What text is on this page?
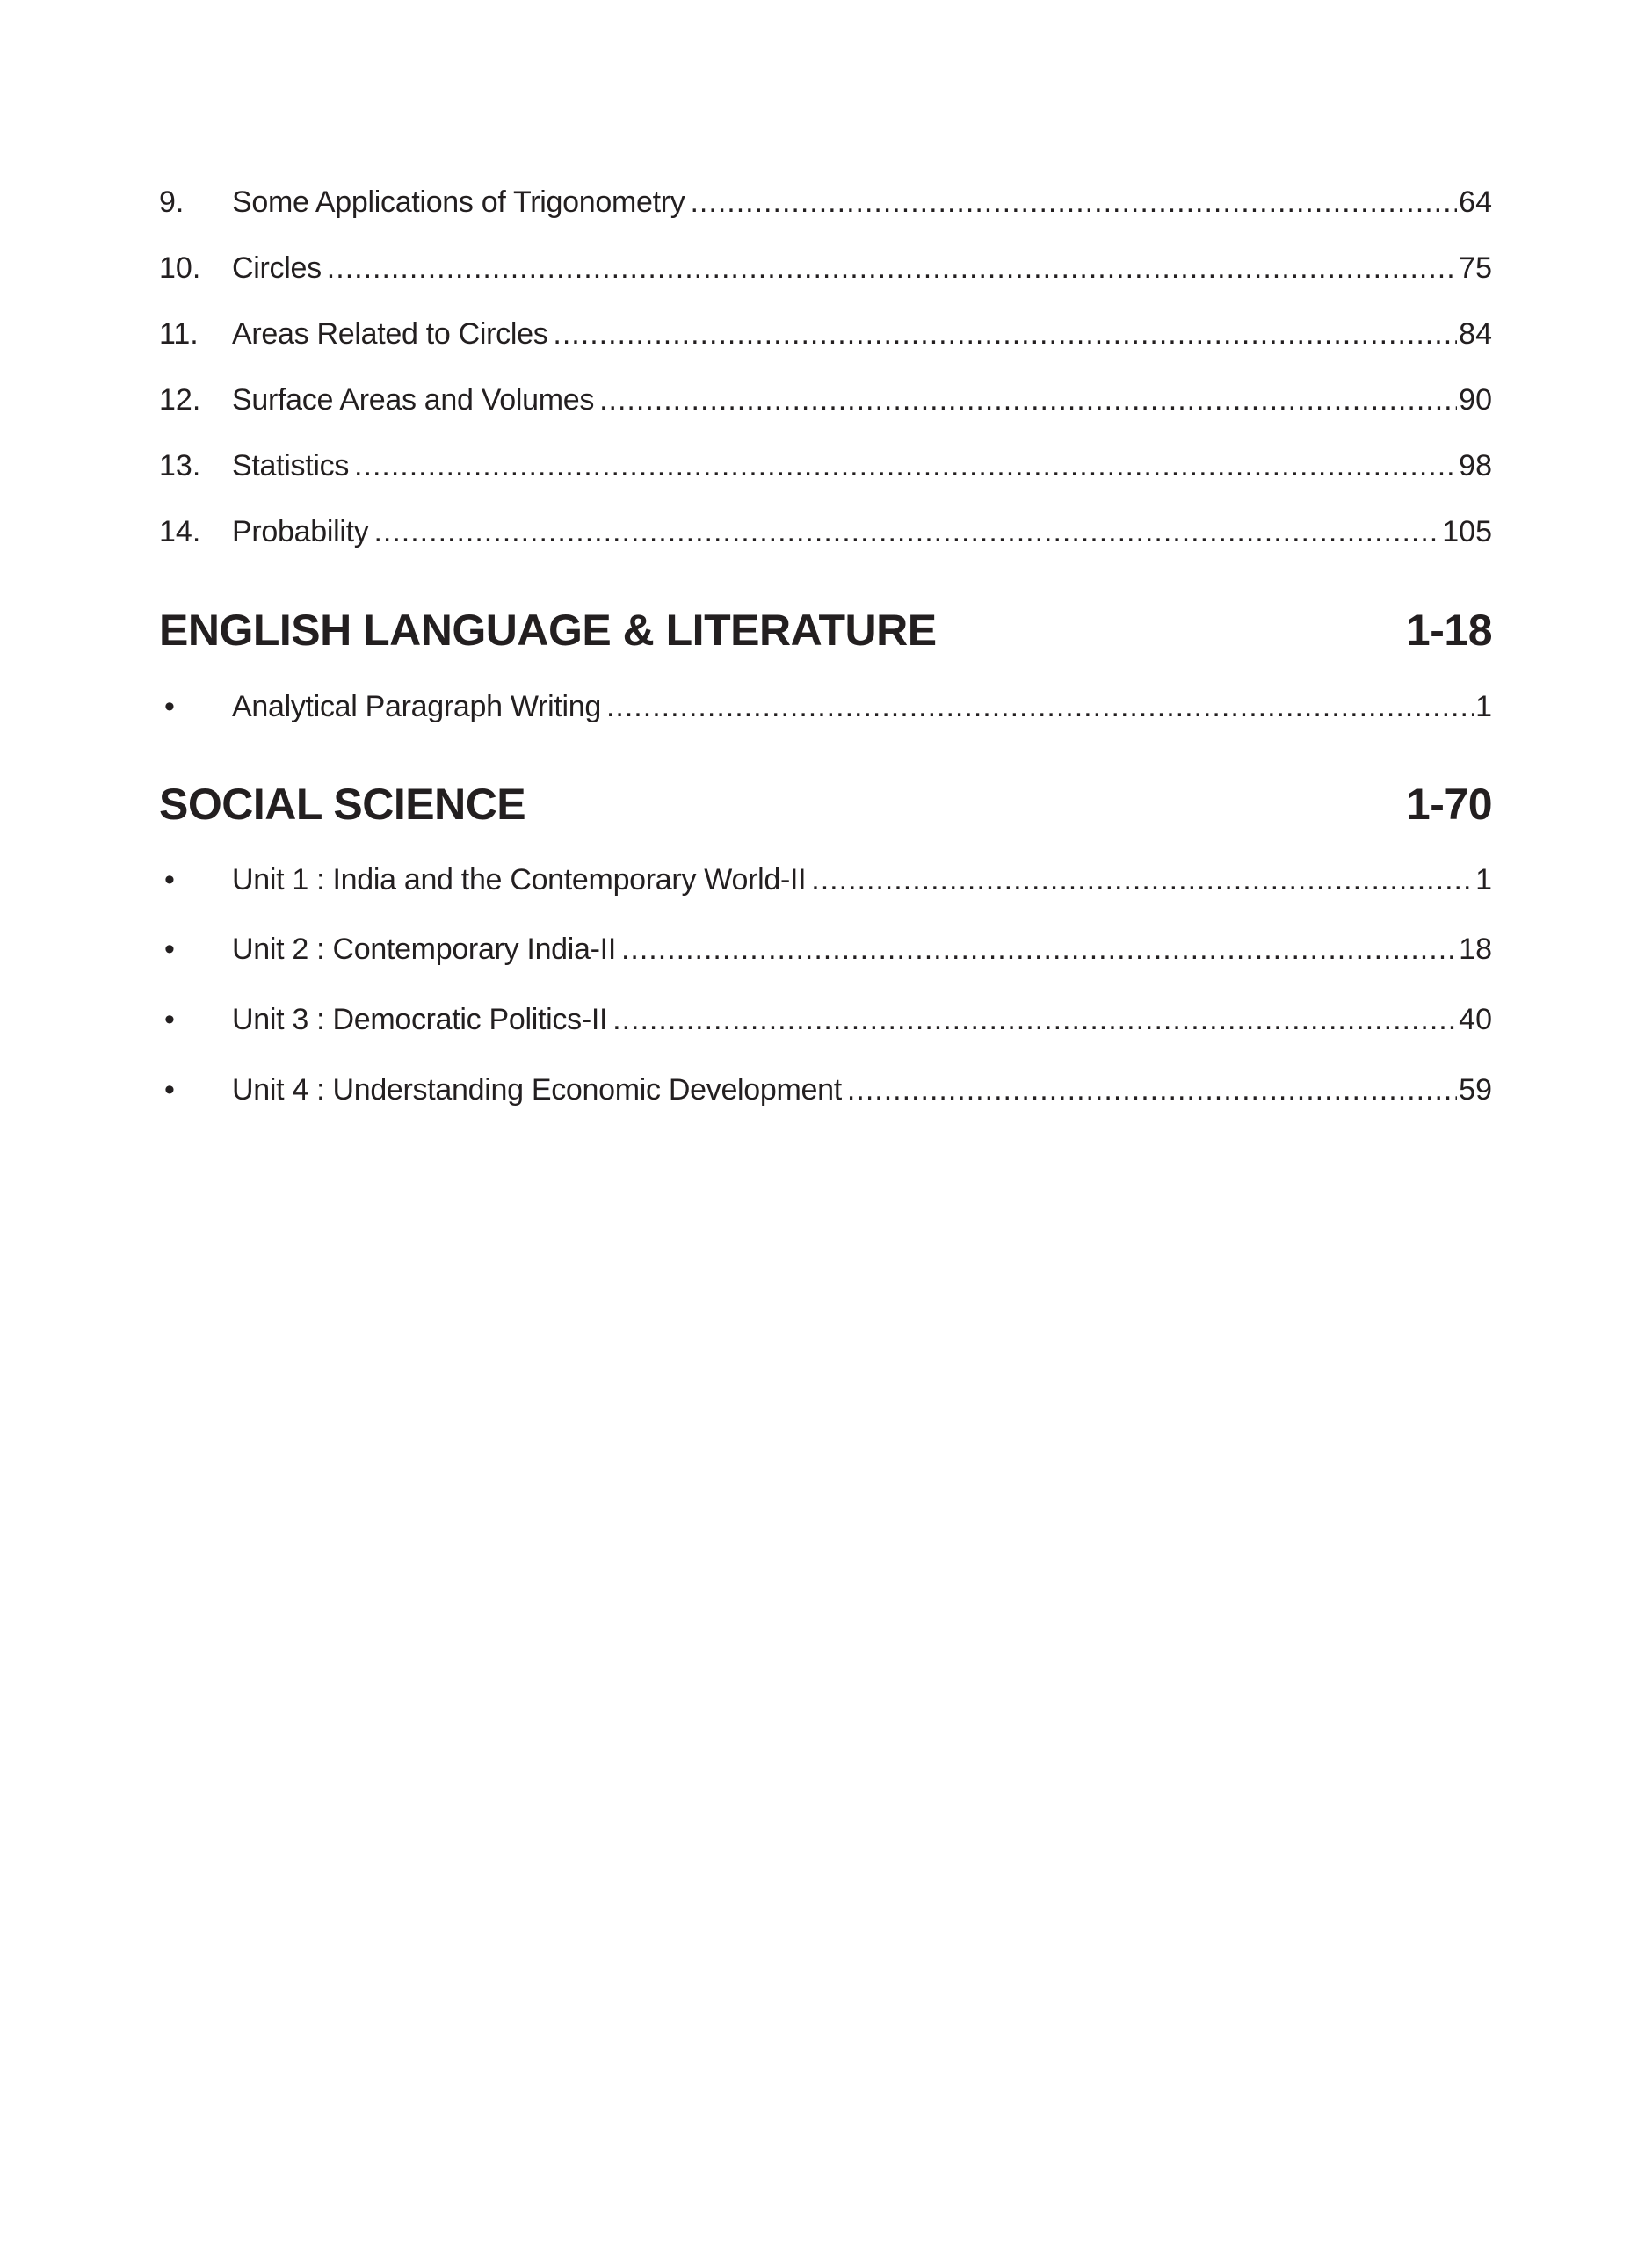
9.	Some Applications of Trigonometry .....	64
10.	Circles .....	75
11.	Areas Related to Circles .....	84
12.	Surface Areas and Volumes .....	90
13.	Statistics .....	98
14.	Probability .....	105
ENGLISH LANGUAGE & LITERATURE	1-18
•	Analytical Paragraph Writing .....	1
SOCIAL SCIENCE	1-70
•	Unit 1 : India and the Contemporary World-II .....	1
•	Unit 2 : Contemporary India-II .....	18
•	Unit 3 : Democratic Politics-II .....	40
•	Unit 4 : Understanding Economic Development .....	59
